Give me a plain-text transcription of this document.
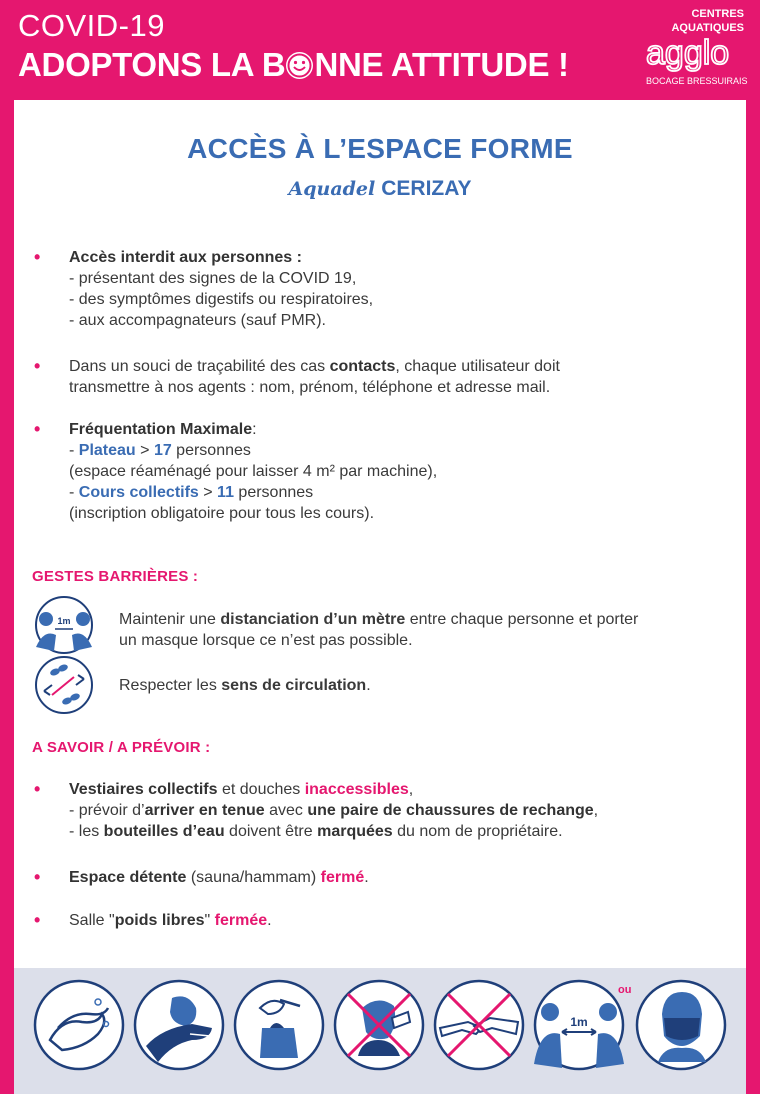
COVID-19
ADOPTONS LA B NNE ATTITUDE !
CENTRES
AQUATIQUES
agglo
BOCAGE BRESSUIRAIS
ACCÈS À L’ESPACE FORME
Aquadel CERIZAY
• Accès interdit aux personnes :
- présentant des signes de la COVID 19,
- des symptômes digestifs ou respiratoires,
- aux accompagnateurs (sauf PMR).
• Dans un souci de traçabilité des cas contacts, chaque utilisateur doit
transmettre à nos agents : nom, prénom, téléphone et adresse mail.
• Fréquentation Maximale:
- Plateau > 17 personnes
(espace réaménagé pour laisser 4 m² par machine),
- Cours collectifs > 11 personnes
(inscription obligatoire pour tous les cours).
GESTES BARRIÈRES :
1m	Maintenir une distanciation d’un mètre entre chaque personne et porter
un masque lorsque ce n’est pas possible.
Respecter les sens de circulation.
A SAVOIR / A PRÉVOIR :
• Vestiaires collectifs et douches inaccessibles,
- prévoir d’arriver en tenue avec une paire de chaussures de rechange,
- les bouteilles d’eau doivent être marquées du nom de propriétaire.
• Espace détente (sauna/hammam) fermé.
• Salle "poids libres" fermée.
1m
ou
